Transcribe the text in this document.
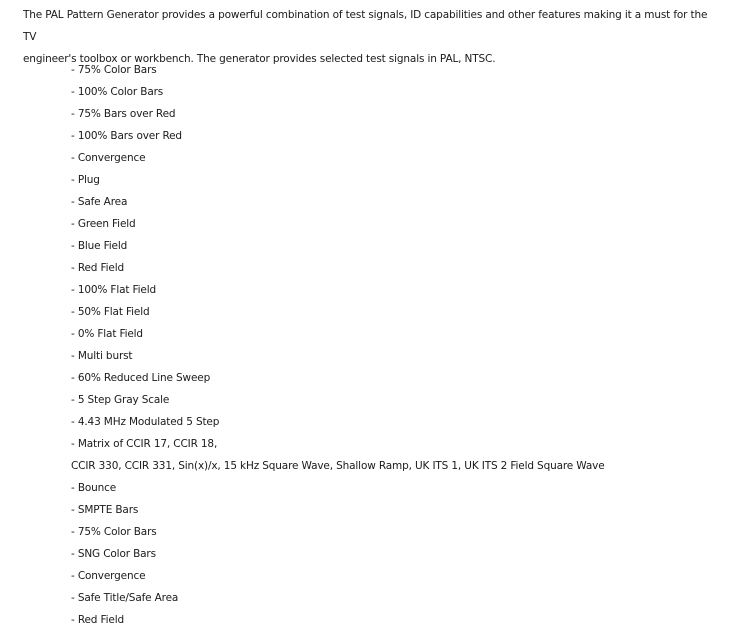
The PAL Pattern Generator provides a powerful combination of test signals, ID capabilities and other features making it a must for the TV
engineer's toolbox or workbench. The generator provides selected test signals in PAL, NTSC.

- 75% Color Bars
- 100% Color Bars
- 75% Bars over Red
- 100% Bars over Red
- Convergence
- Plug
- Safe Area
- Green Field
- Blue Field
- Red Field
- 100% Flat Field
- 50% Flat Field
- 0% Flat Field
- Multi burst
- 60% Reduced Line Sweep
- 5 Step Gray Scale
- 4.43 MHz Modulated 5 Step
- Matrix of CCIR 17, CCIR 18,
CCIR 330, CCIR 331, Sin(x)/x, 15 kHz Square Wave, Shallow Ramp, UK ITS 1, UK ITS 2 Field Square Wave
- Bounce
- SMPTE Bars
- 75% Color Bars
- SNG Color Bars
- Convergence
- Safe Title/Safe Area
- Red Field
